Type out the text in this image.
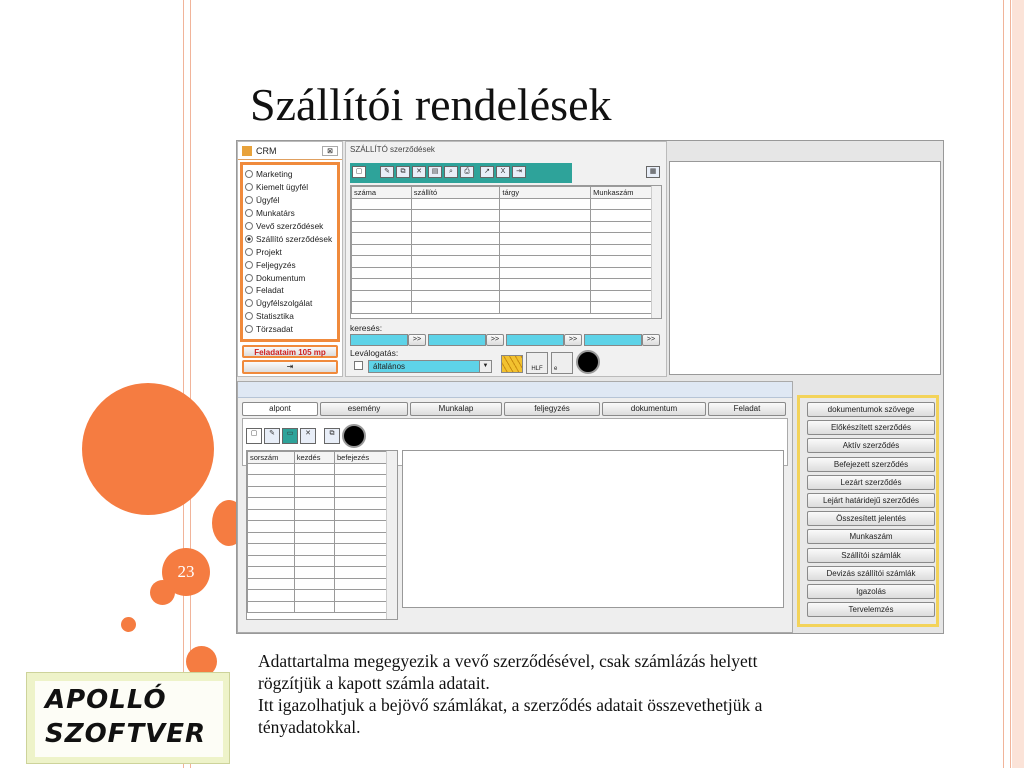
23
Szállítói rendelések
CRM	⊠
Marketing
Kiemelt ügyfél
Ügyfél
Munkatárs
Vevő szerződések
Szállító szerződések
Projekt
Feljegyzés
Dokumentum
Feladat
Ügyfélszolgálat
Statisztika
Törzsadat
Feladataim 105 mp
⇥
SZÁLLÍTÓ szerződések
▢	✎	⧉	✕	▤	⌕	⎙	↗	X	⇥	▦
száma	szállító	tárgy	Munkaszám

keresés:
>>	>>	>>	>>
Leválogatás:
általános	▼	HLF	e
alpont	esemény	Munkalap	feljegyzés	dokumentum	Feladat
▢	✎	▭	✕	⧉
sorszám	kezdés	befejezés

dokumentumok szövege
Előkészített szerződés
Aktív szerződés
Befejezett szerződés
Lezárt szerződés
Lejárt határidejű szerződés
Összesített jelentés
Munkaszám
Szállítói számlák
Devizás szállítói számlák
Igazolás
Tervelemzés
Adattartalma megegyezik a vevő szerződésével, csak számlázás helyett
rögzítjük a kapott számla adatait.
Itt igazolhatjuk a bejövő számlákat, a szerződés adatait összevethetjük a
tényadatokkal.
APOLLÓ
SZOFTVER
